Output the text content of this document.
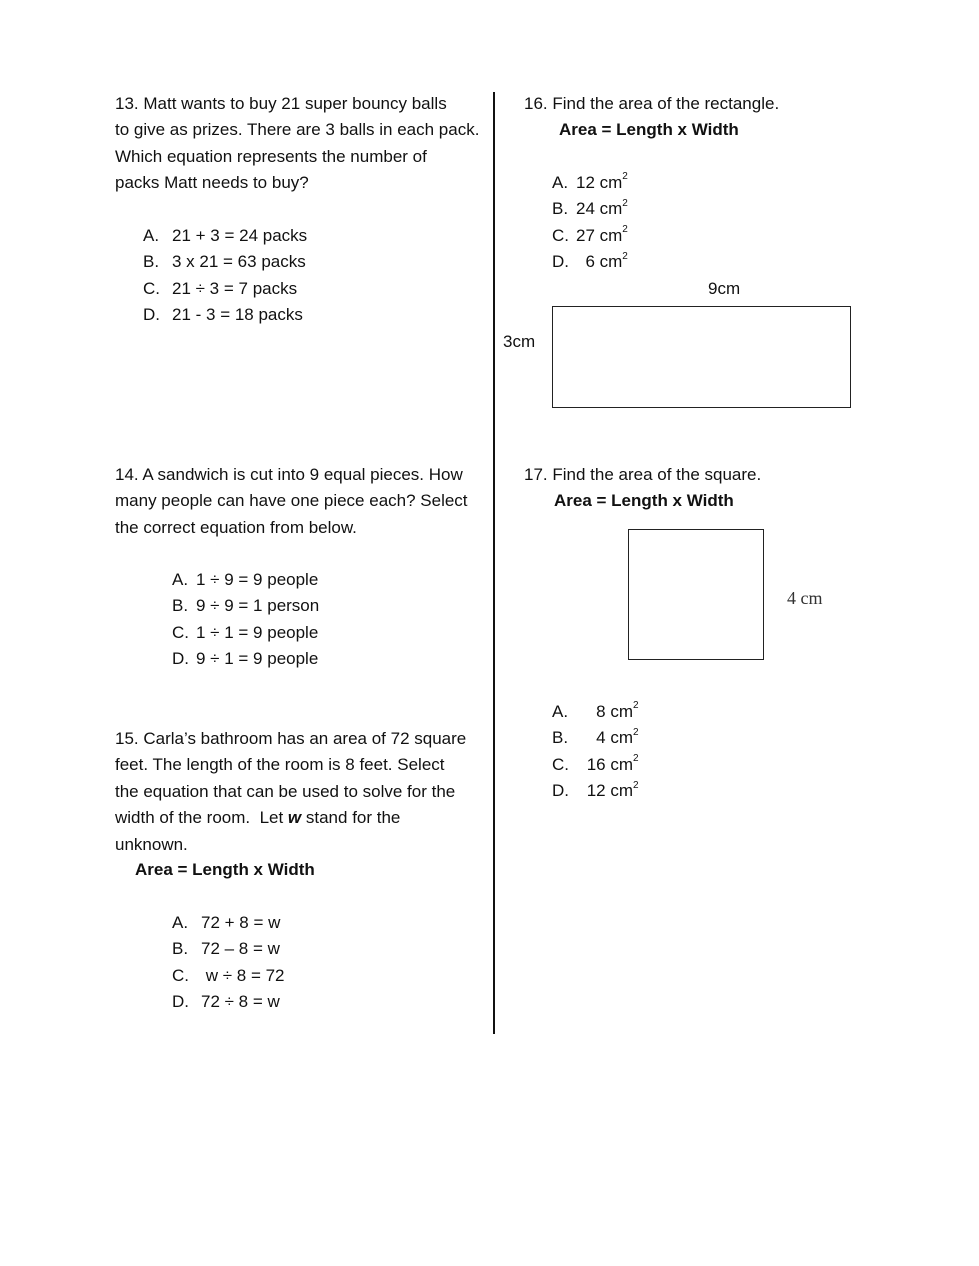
13. Matt wants to buy 21 super bouncy balls
to give as prizes. There are 3 balls in each pack.
Which equation represents the number of
packs Matt needs to buy?
A. 21 + 3 = 24 packs
B. 3 x 21 = 63 packs
C. 21 ÷ 3 = 7 packs
D. 21 - 3 = 18 packs
14. A sandwich is cut into 9 equal pieces. How
many people can have one piece each? Select
the correct equation from below.
A. 1 ÷ 9 = 9 people
B. 9 ÷ 9 = 1 person
C. 1 ÷ 1 = 9 people
D. 9 ÷ 1 = 9 people
15. Carla’s bathroom has an area of 72 square
feet. The length of the room is 8 feet. Select
the equation that can be used to solve for the
width of the room.  Let w stand for the
unknown.
Area = Length x Width
A. 72 + 8 = w
B. 72 – 8 = w
C. w ÷ 8 = 72
D. 72 ÷ 8 = w
16. Find the area of the rectangle.
Area = Length x Width
A. 12 $cm^2$
B. 24 $cm^2$
C. 27 $cm^2$
D.  6 $cm^2$
9cm
3cm
17. Find the area of the square.
Area = Length x Width
4 cm
A. 8 $cm^2$
B. 4 $cm^2$
C. 16 $cm^2$
D. 12 $cm^2$
